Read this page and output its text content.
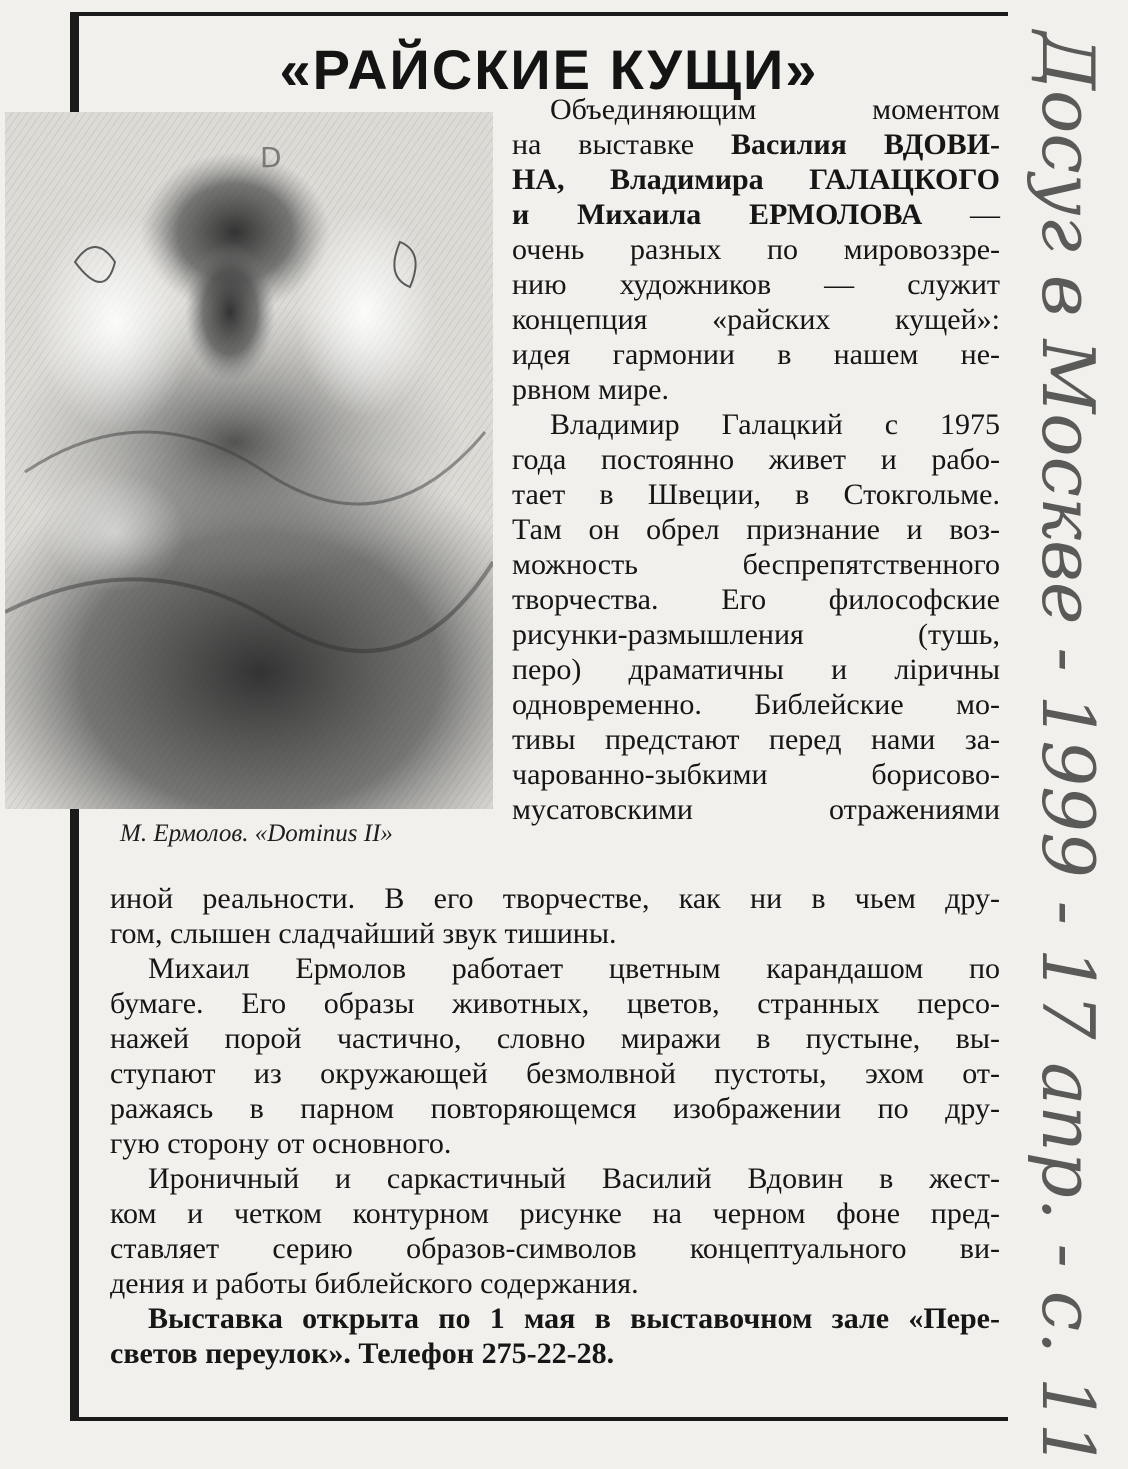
«РАЙСКИЕ КУЩИ»
D

М. Ермолов. «Dominus II»

Объединяющим моментом

на выставке Василия ВДОВИ-

НА, Владимира ГАЛАЦКОГО

и Михаила ЕРМОЛОВА —

очень разных по мировоззре-

нию художников — служит

концепция «райских кущей»:

идея гармонии в нашем не-

рвном мире.

Владимир Галацкий с 1975

года постоянно живет и рабо-

тает в Швеции, в Стокгольме.

Там он обрел признание и воз-

можность беспрепятственного

творчества. Его философские

рисунки-размышления (тушь,

перо) драматичны и ліричны

одновременно. Библейские мо-

тивы предстают перед нами за-

чарованно-зыбкими борисово-

мусатовскими отражениями

иной реальности. В его творчестве, как ни в чьем дру-

гом, слышен сладчайший звук тишины.

Михаил Ермолов работает цветным карандашом по

бумаге. Его образы животных, цветов, странных персо-

нажей порой частично, словно миражи в пустыне, вы-

ступают из окружающей безмолвной пустоты, эхом от-

ражаясь в парном повторяющемся изображении по дру-

гую сторону от основного.

Ироничный и саркастичный Василий Вдовин в жест-

ком и четком контурном рисунке на черном фоне пред-

ставляет серию образов-символов концептуального ви-

дения и работы библейского содержания.

Выставка открыта по 1 мая в выставочном зале «Пере-

светов переулок». Телефон 275-22-28.	Досуг в Москве - 1999 - 17 апр. - с. 11
